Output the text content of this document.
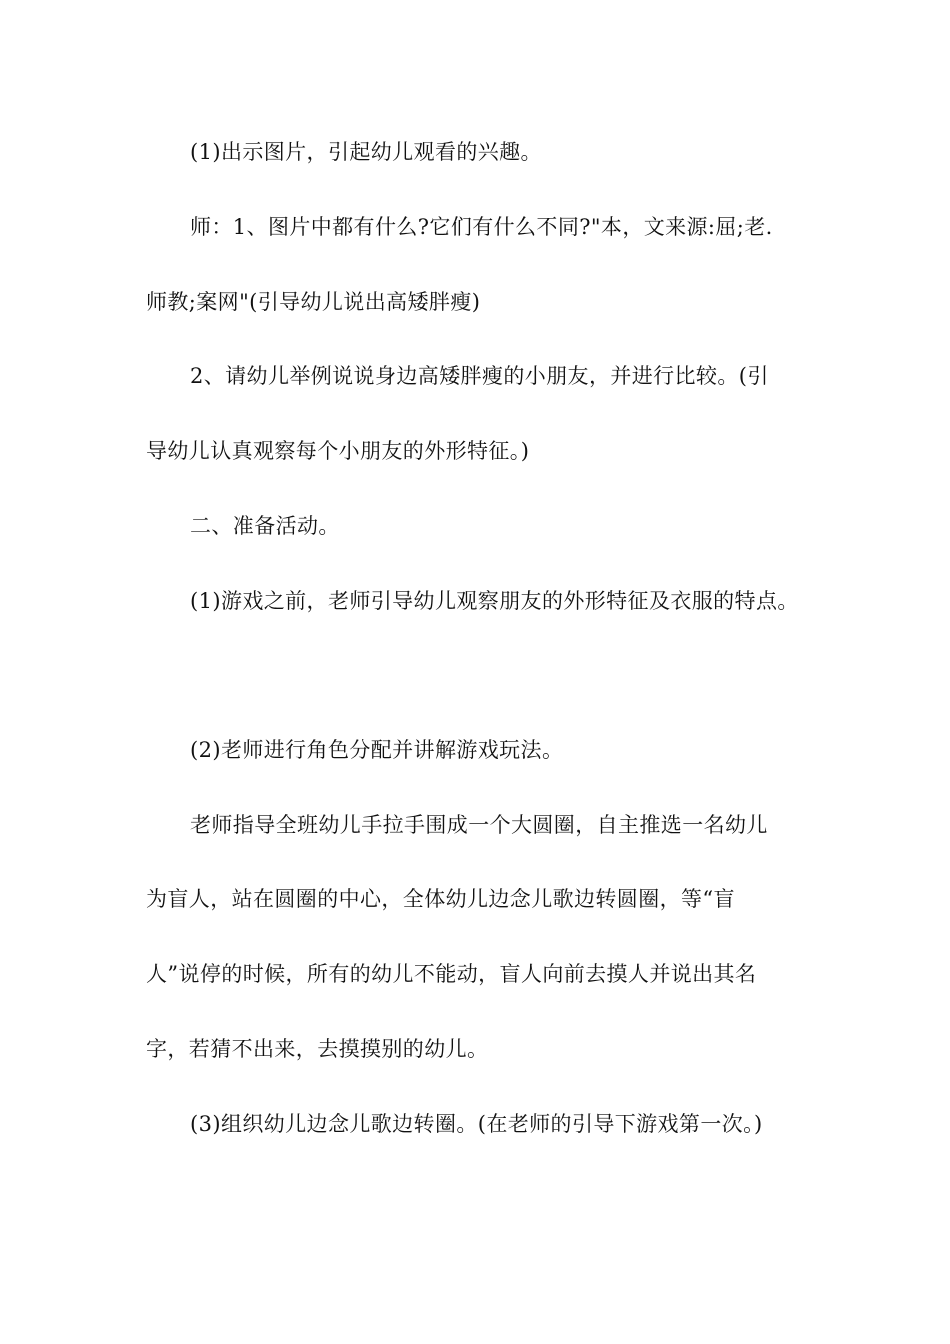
(1)出示图片，引起幼儿观看的兴趣。
师：1、图片中都有什么?它们有什么不同?"本，文来源:屈;老.
师教;案网"(引导幼儿说出高矮胖瘦)
2、请幼儿举例说说身边高矮胖瘦的小朋友，并进行比较。(引
导幼儿认真观察每个小朋友的外形特征。)
二、准备活动。
(1)游戏之前，老师引导幼儿观察朋友的外形特征及衣服的特点。
(2)老师进行角色分配并讲解游戏玩法。
老师指导全班幼儿手拉手围成一个大圆圈，自主推选一名幼儿
为盲人，站在圆圈的中心，全体幼儿边念儿歌边转圆圈，等“盲
人”说停的时候，所有的幼儿不能动，盲人向前去摸人并说出其名
字，若猜不出来，去摸摸别的幼儿。
(3)组织幼儿边念儿歌边转圈。(在老师的引导下游戏第一次。)
